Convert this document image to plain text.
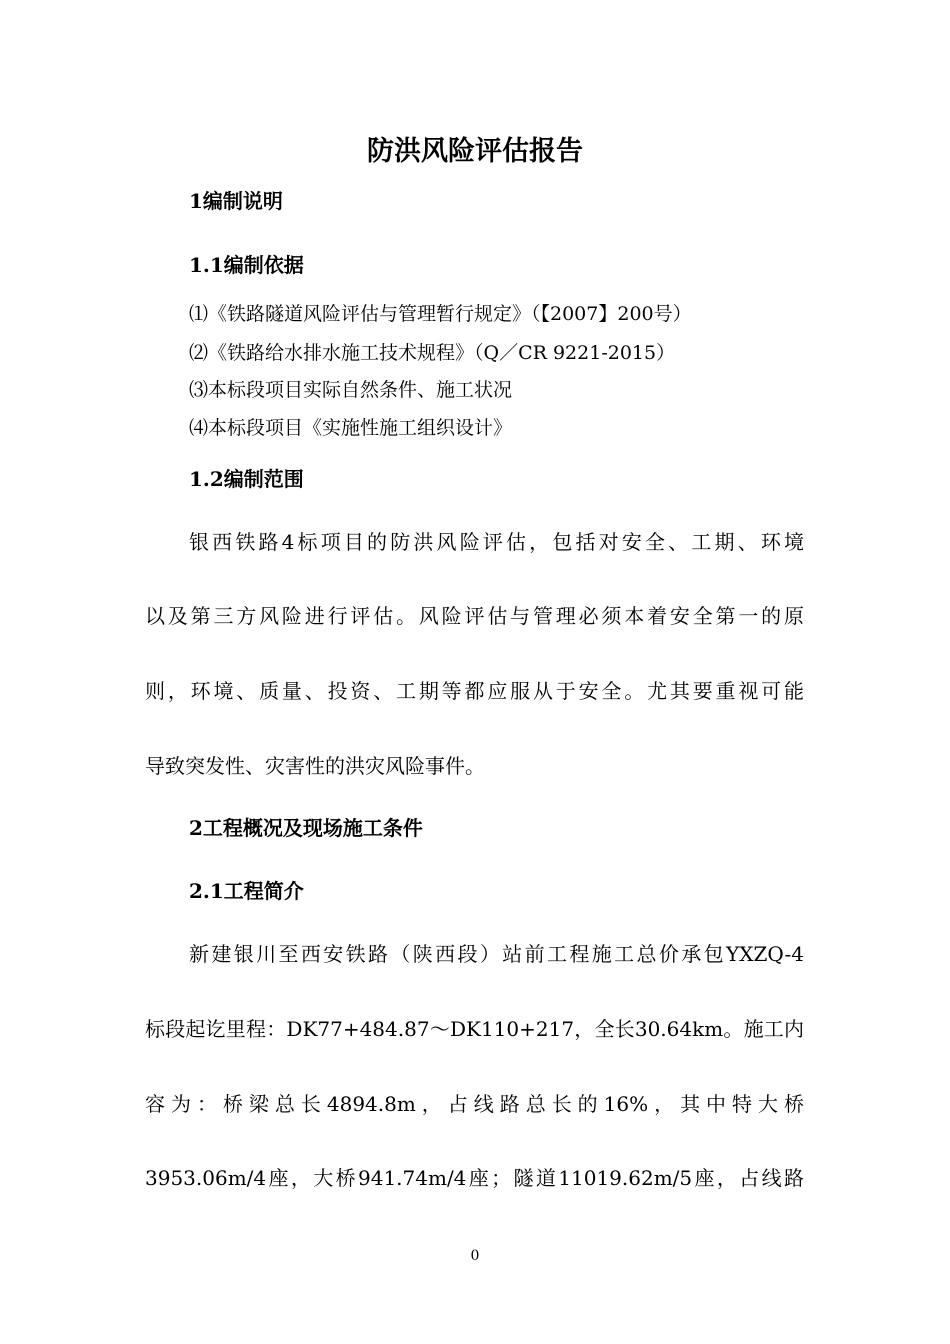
防洪风险评估报告
1编制说明
1.1编制依据
⑴《铁路隧道风险评估与管理暂行规定》（【2007】200号）
⑵《铁路给水排水施工技术规程》（Q／CR 9221-2015）
⑶本标段项目实际自然条件、施工状况
⑷本标段项目《实施性施工组织设计》
1.2编制范围
银西铁路4标项目的防洪风险评估，包括对安全、工期、环境
以及第三方风险进行评估。风险评估与管理必须本着安全第一的原
则，环境、质量、投资、工期等都应服从于安全。尤其要重视可能
导致突发性、灾害性的洪灾风险事件。
2工程概况及现场施工条件
2.1工程简介
新建银川至西安铁路（陕西段）站前工程施工总价承包YXZQ-4
标段起讫里程：DK77+484.87～DK110+217，全长30.64km。施工内
容为：桥梁总长4894.8m，占线路总长的16%，其中特大桥
3953.06m/4座，大桥941.74m/4座；隧道11019.62m/5座，占线路
0
